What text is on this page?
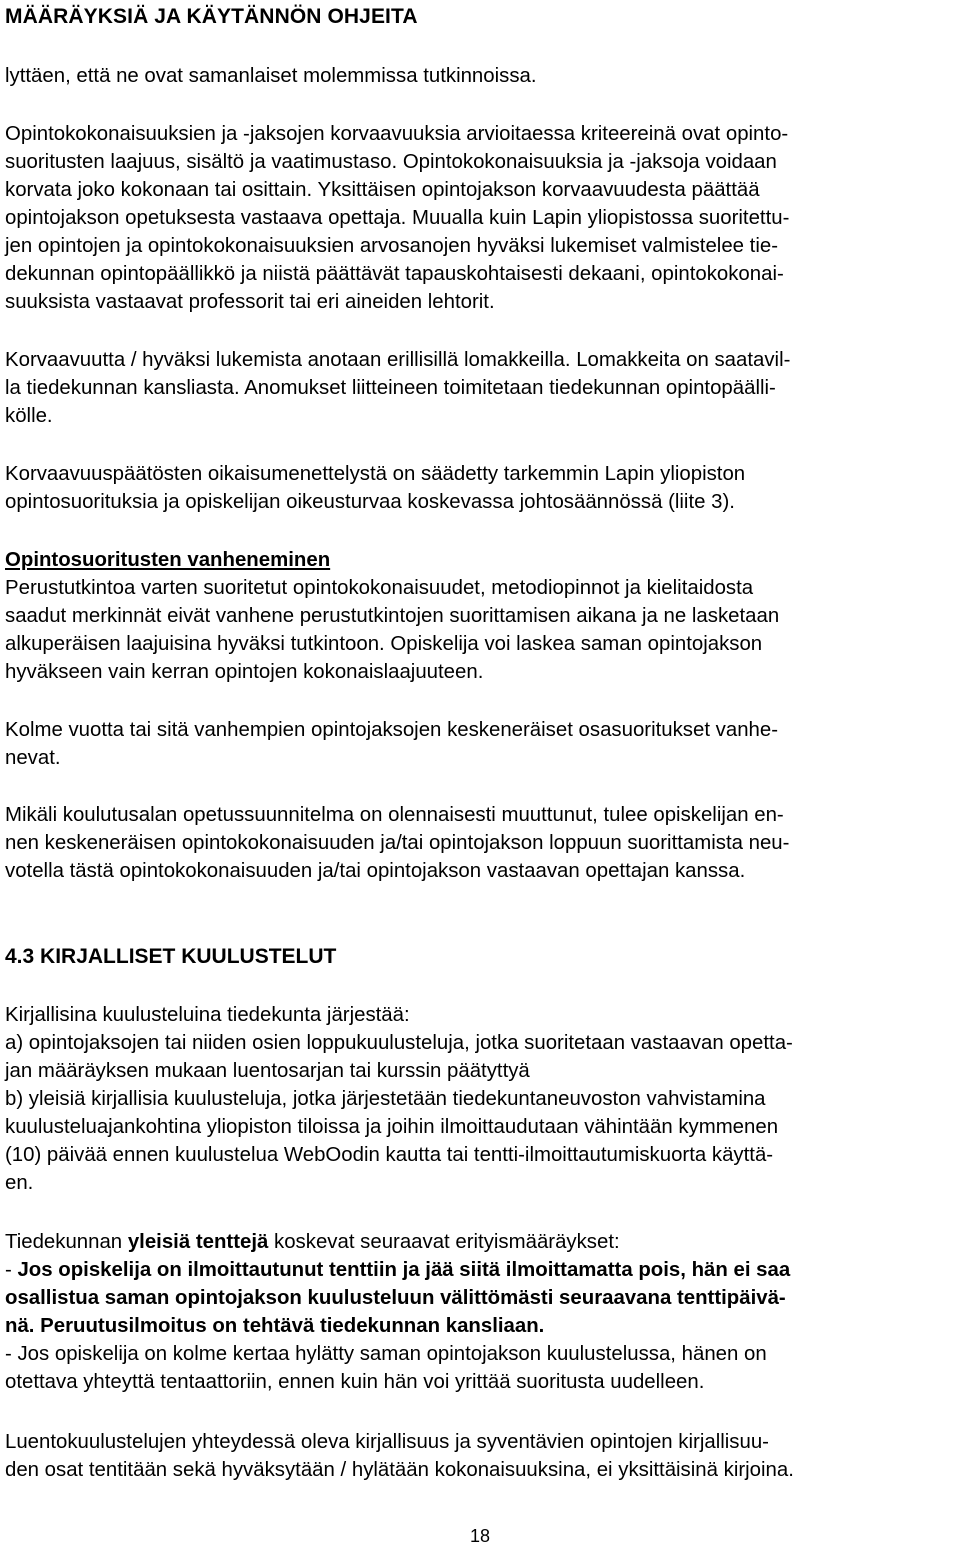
MÄÄRÄYKSIÄ JA KÄYTÄNNÖN OHJEITA

lyttäen, että ne ovat samanlaiset molemmissa tutkinnoissa.

Opintokokonaisuuksien ja -jaksojen korvaavuuksia arvioitaessa kriteereinä ovat opinto-

suoritusten laajuus, sisältö ja vaatimustaso. Opintokokonaisuuksia ja -jaksoja voidaan

korvata joko kokonaan tai osittain. Yksittäisen opintojakson korvaavuudesta päättää

opintojakson opetuksesta vastaava opettaja. Muualla kuin Lapin yliopistossa suoritettu-

jen opintojen ja opintokokonaisuuksien arvosanojen hyväksi lukemiset valmistelee tie-

dekunnan opintopäällikkö ja niistä päättävät tapauskohtaisesti dekaani, opintokokonai-

suuksista vastaavat professorit tai eri aineiden lehtorit.

Korvaavuutta / hyväksi lukemista anotaan erillisillä lomakkeilla. Lomakkeita on saatavil-

la tiedekunnan kansliasta. Anomukset liitteineen toimitetaan tiedekunnan opintopäälli-

kölle.

Korvaavuuspäätösten oikaisumenettelystä on säädetty tarkemmin Lapin yliopiston

opintosuorituksia ja opiskelijan oikeusturvaa koskevassa johtosäännössä (liite 3).

Opintosuoritusten vanheneminen

Perustutkintoa varten suoritetut opintokokonaisuudet, metodiopinnot ja kielitaidosta

saadut merkinnät eivät vanhene perustutkintojen suorittamisen aikana ja ne lasketaan

alkuperäisen laajuisina hyväksi tutkintoon. Opiskelija voi laskea saman opintojakson

hyväkseen vain kerran opintojen kokonaislaajuuteen.

Kolme vuotta tai sitä vanhempien opintojaksojen keskeneräiset osasuoritukset vanhe-

nevat.

Mikäli koulutusalan opetussuunnitelma on olennaisesti muuttunut, tulee opiskelijan en-

nen keskeneräisen opintokokonaisuuden ja/tai opintojakson loppuun suorittamista neu-

votella tästä opintokokonaisuuden ja/tai opintojakson vastaavan opettajan kanssa.

4.3 KIRJALLISET KUULUSTELUT

Kirjallisina kuulusteluina tiedekunta järjestää:

a) opintojaksojen tai niiden osien loppukuulusteluja, jotka suoritetaan vastaavan opetta-

jan määräyksen mukaan luentosarjan tai kurssin päätyttyä

b) yleisiä kirjallisia kuulusteluja, jotka järjestetään tiedekuntaneuvoston vahvistamina

kuulusteluajankohtina yliopiston tiloissa ja joihin ilmoittaudutaan vähintään kymmenen

(10) päivää ennen kuulustelua WebOodin kautta tai tentti-ilmoittautumiskuorta käyttä-

en.

Tiedekunnan yleisiä tenttejä koskevat seuraavat erityismääräykset:

- Jos opiskelija on ilmoittautunut tenttiin ja jää siitä ilmoittamatta pois, hän ei saa

osallistua saman opintojakson kuulusteluun välittömästi seuraavana tenttipäivä-

nä. Peruutusilmoitus on tehtävä tiedekunnan kansliaan.

- Jos opiskelija on kolme kertaa hylätty saman opintojakson kuulustelussa, hänen on

otettava yhteyttä tentaattoriin, ennen kuin hän voi yrittää suoritusta uudelleen.

Luentokuulustelujen yhteydessä oleva kirjallisuus ja syventävien opintojen kirjallisuu-

den osat tentitään sekä hyväksytään / hylätään kokonaisuuksina, ei yksittäisinä kirjoina.

18
